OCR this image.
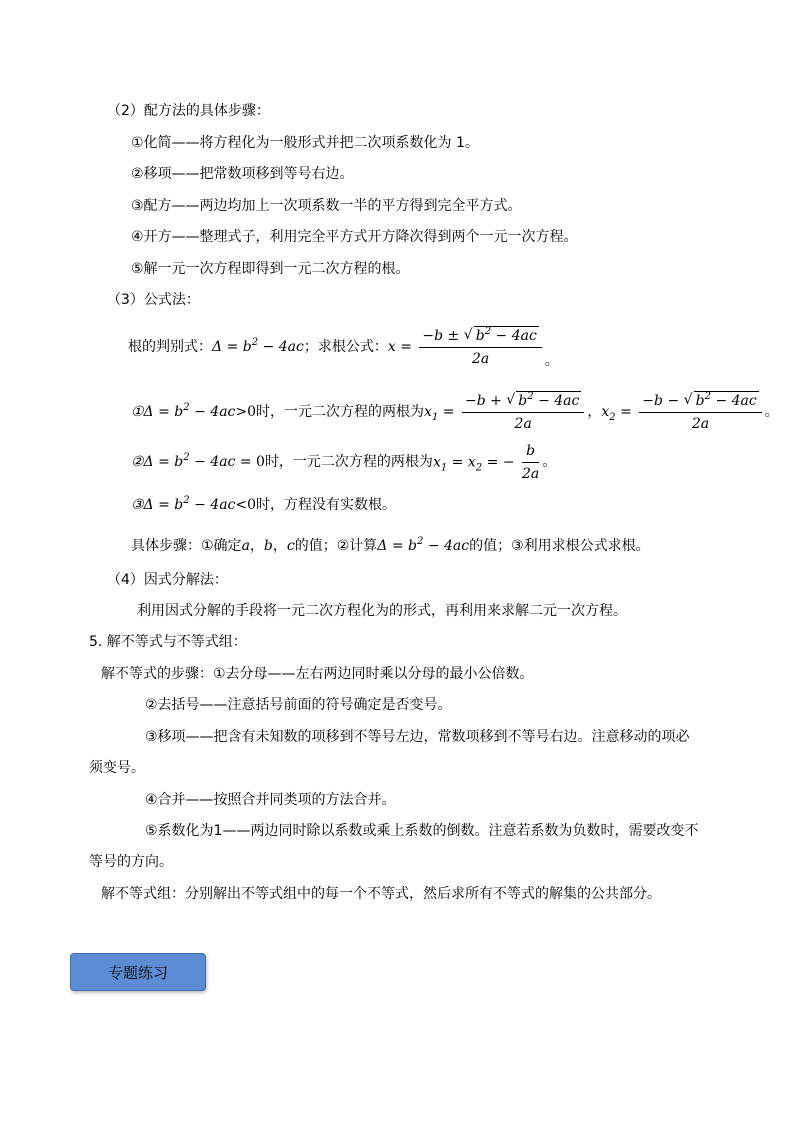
（2）配方法的具体步骤：
①化简——将方程化为一般形式并把二次项系数化为 1。
②移项——把常数项移到等号右边。
③配方——两边均加上一次项系数一半的平方得到完全平方式。
④开方——整理式子，利用完全平方式开方降次得到两个一元一次方程。
⑤解一元一次方程即得到一元二次方程的根。
（3）公式法：
根的判别式： $\Delta = b^2 - 4ac$ ；求根公式： $x = \frac{-b \pm √ b^2 - 4ac}{2a}$ 。
①Δ = $b^2 - 4ac>0$ 时，一元二次方程的两根为 $x_1 = \frac{-b + √ b^2 - 4ac}{2a}$ ， $x_2 = \frac{-b - √ b^2 - 4ac}{2a}$ 。
②Δ = $b^2 - 4ac = 0$ 时，一元二次方程的两根为 $x_1 = x_2$ = − $\frac{b}{2a}$ 。
③Δ = $b^2 - 4ac<0$时，方程没有实数根。
具体步骤：①确定a，b，c的值；②计算$\Delta = b^2 - 4ac$的值；③利用求根公式求根。
（4）因式分解法：
利用因式分解的手段将一元二次方程化为的形式，再利用来求解二元一次方程。
5. 解不等式与不等式组：
解不等式的步骤：①去分母——左右两边同时乘以分母的最小公倍数。
②去括号——注意括号前面的符号确定是否变号。
③移项——把含有未知数的项移到不等号左边，常数项移到不等号右边。注意移动的项必
须变号。
④合并——按照合并同类项的方法合并。
⑤系数化为1——两边同时除以系数或乘上系数的倒数。注意若系数为负数时，需要改变不
等号的方向。
解不等式组：分别解出不等式组中的每一个不等式，然后求所有不等式的解集的公共部分。
专题练习
